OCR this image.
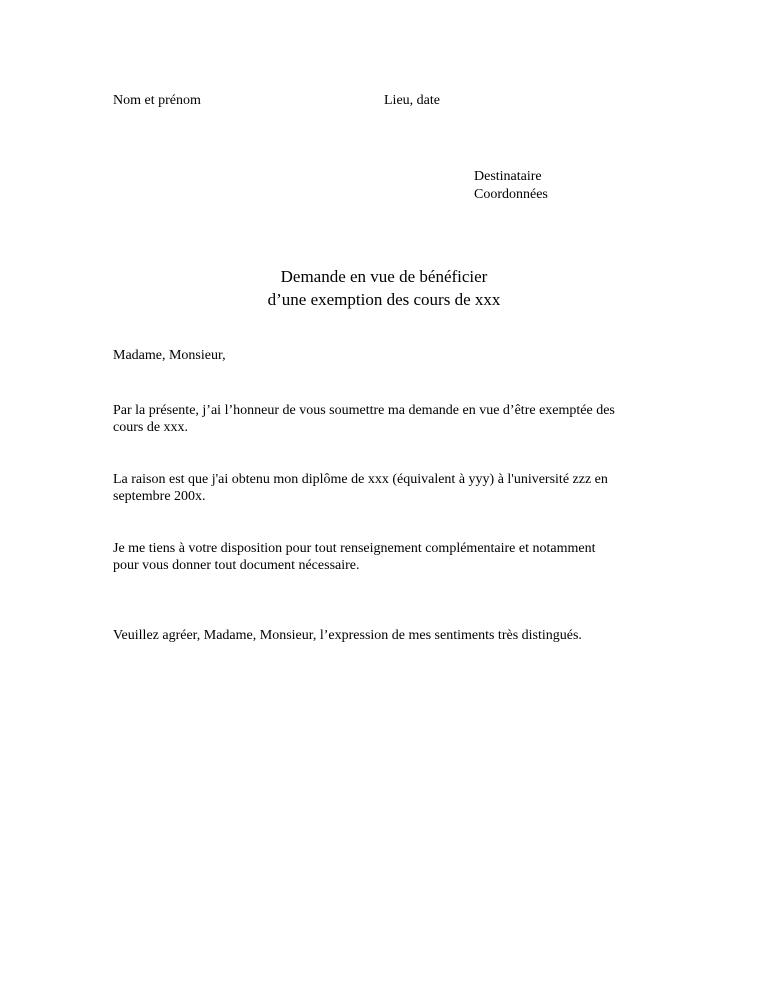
Nom et prénom	Lieu, date
Destinataire
Coordonnées
Demande en vue de bénéficier
d’une exemption des cours de xxx
Madame, Monsieur,
Par la présente, j’ai l’honneur de vous soumettre ma demande en vue d’être exemptée des
cours de xxx.
La raison est que j'ai obtenu mon diplôme de xxx (équivalent à yyy) à l'université zzz en
septembre 200x.
Je me tiens à votre disposition pour tout renseignement complémentaire et notamment
pour vous donner tout document nécessaire.
Veuillez agréer, Madame, Monsieur, l’expression de mes sentiments très distingués.
